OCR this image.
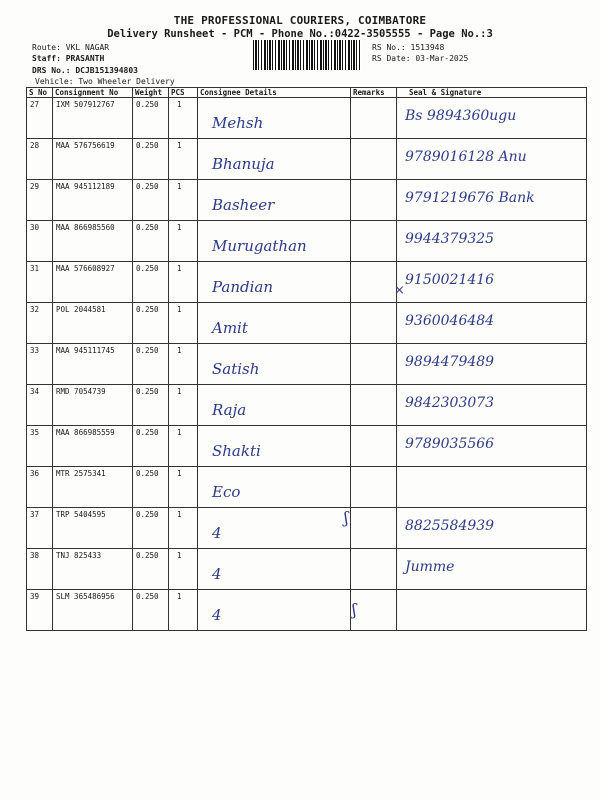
THE PROFESSIONAL COURIERS, COIMBATORE
Delivery Runsheet - PCM - Phone No.:0422-3505555 - Page No.:3
Route: VKL NAGAR
Staff: PRASANTH
DRS No.: DCJB151394803
Vehicle: Two Wheeler Delivery
RS No.: 1513948
RS Date: 03-Mar-2025
S No	Consignment No	Weight	PCS	Consignee Details	Remarks	Seal & Signature
27	IXM 507912767	0.250	1	Mehsh		Bs 9894360ugu

28	MAA 576756619	0.250	1	Bhanuja		9789016128 Anu

29	MAA 945112189	0.250	1	Basheer		9791219676 Bank

30	MAA 866985560	0.250	1	Murugathan		9944379325

31	MAA 576608927	0.250	1	Pandian		9150021416

32	POL 2044581	0.250	1	Amit		9360046484

33	MAA 945111745	0.250	1	Satish		9894479489

34	RMD 7054739	0.250	1	Raja		9842303073

35	MAA 866985559	0.250	1	Shakti		9789035566

36	MTR 2575341	0.250	1	Eco		

37	TRP 5404595	0.250	1	4		8825584939

38	TNJ 825433	0.250	1	4		Jumme

39	SLM 365486956	0.250	1	4		

ʃ
ʃ
×
